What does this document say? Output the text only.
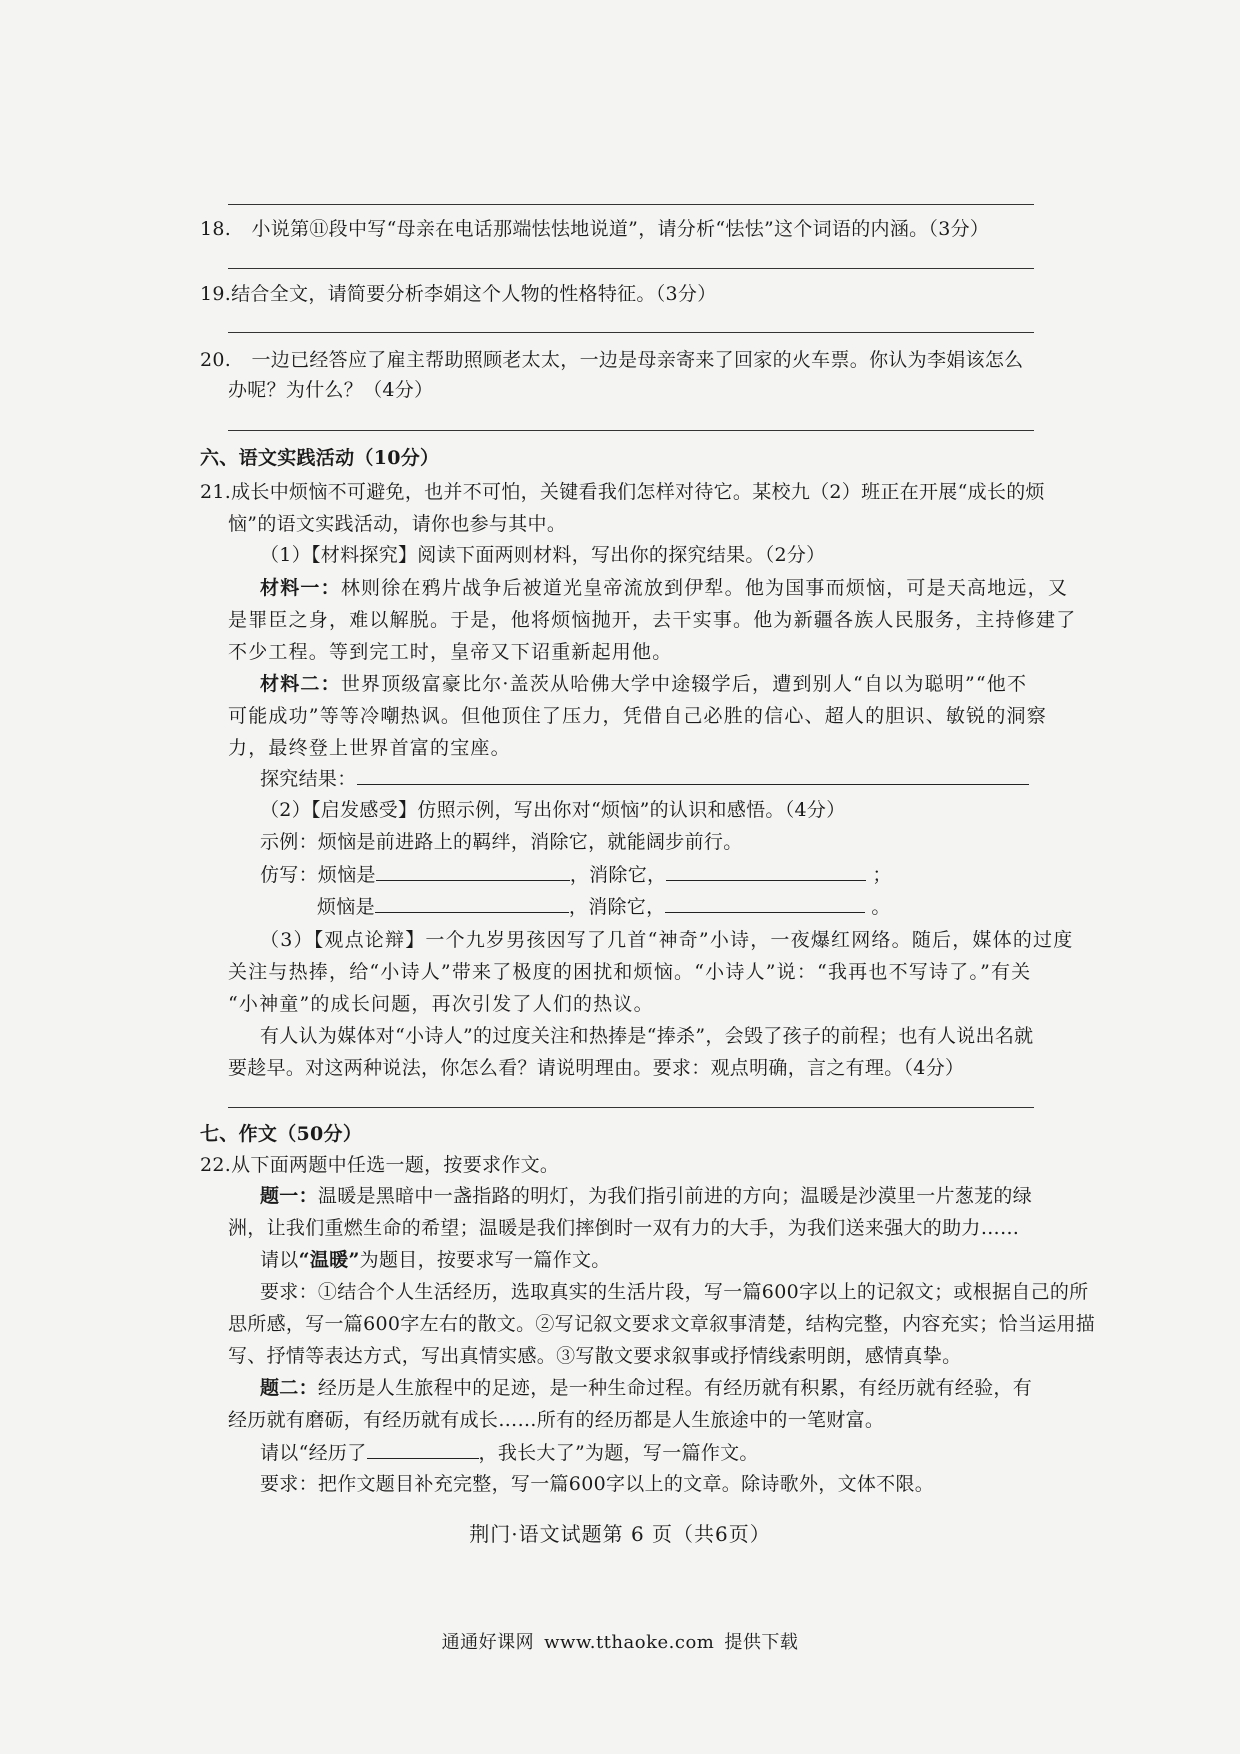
18. 小说第⑪段中写“母亲在电话那端怯怯地说道”，请分析“怯怯”这个词语的内涵。（3分）
19.结合全文，请简要分析李娟这个人物的性格特征。（3分）
20. 一边已经答应了雇主帮助照顾老太太，一边是母亲寄来了回家的火车票。你认为李娟该怎么
办呢？为什么？（4分）
六、语文实践活动（10分）
21.成长中烦恼不可避免，也并不可怕，关键看我们怎样对待它。某校九（2）班正在开展“成长的烦
恼”的语文实践活动，请你也参与其中。
（1）【材料探究】阅读下面两则材料，写出你的探究结果。（2分）
材料一：林则徐在鸦片战争后被道光皇帝流放到伊犁。他为国事而烦恼，可是天高地远，又
是罪臣之身，难以解脱。于是，他将烦恼抛开，去干实事。他为新疆各族人民服务，主持修建了
不少工程。等到完工时，皇帝又下诏重新起用他。
材料二：世界顶级富豪比尔·盖茨从哈佛大学中途辍学后，遭到别人“自以为聪明”“他不
可能成功”等等冷嘲热讽。但他顶住了压力，凭借自己必胜的信心、超人的胆识、敏锐的洞察
力，最终登上世界首富的宝座。
探究结果：
（2）【启发感受】仿照示例，写出你对“烦恼”的认识和感悟。（4分）
示例：烦恼是前进路上的羁绊，消除它，就能阔步前行。
仿写：烦恼是	，消除它，	；
烦恼是	，消除它，	。
（3）【观点论辩】一个九岁男孩因写了几首“神奇”小诗，一夜爆红网络。随后，媒体的过度
关注与热捧，给“小诗人”带来了极度的困扰和烦恼。“小诗人”说：“我再也不写诗了。”有关
“小神童”的成长问题，再次引发了人们的热议。
有人认为媒体对“小诗人”的过度关注和热捧是“捧杀”，会毁了孩子的前程；也有人说出名就
要趁早。对这两种说法，你怎么看？请说明理由。要求：观点明确，言之有理。（4分）
七、作文（50分）
22.从下面两题中任选一题，按要求作文。
题一：温暖是黑暗中一盏指路的明灯，为我们指引前进的方向；温暖是沙漠里一片葱茏的绿
洲，让我们重燃生命的希望；温暖是我们摔倒时一双有力的大手，为我们送来强大的助力……
请以“温暖”为题目，按要求写一篇作文。
要求：①结合个人生活经历，选取真实的生活片段，写一篇600字以上的记叙文；或根据自己的所
思所感，写一篇600字左右的散文。②写记叙文要求文章叙事清楚，结构完整，内容充实；恰当运用描
写、抒情等表达方式，写出真情实感。③写散文要求叙事或抒情线索明朗，感情真挚。
题二：经历是人生旅程中的足迹，是一种生命过程。有经历就有积累，有经历就有经验，有
经历就有磨砺，有经历就有成长……所有的经历都是人生旅途中的一笔财富。
请以“经历了	，我长大了”为题，写一篇作文。
要求：把作文题目补充完整，写一篇600字以上的文章。除诗歌外，文体不限。
荆门·语文试题第 6 页（共6页）
通通好课网 www.tthaoke.com 提供下载
